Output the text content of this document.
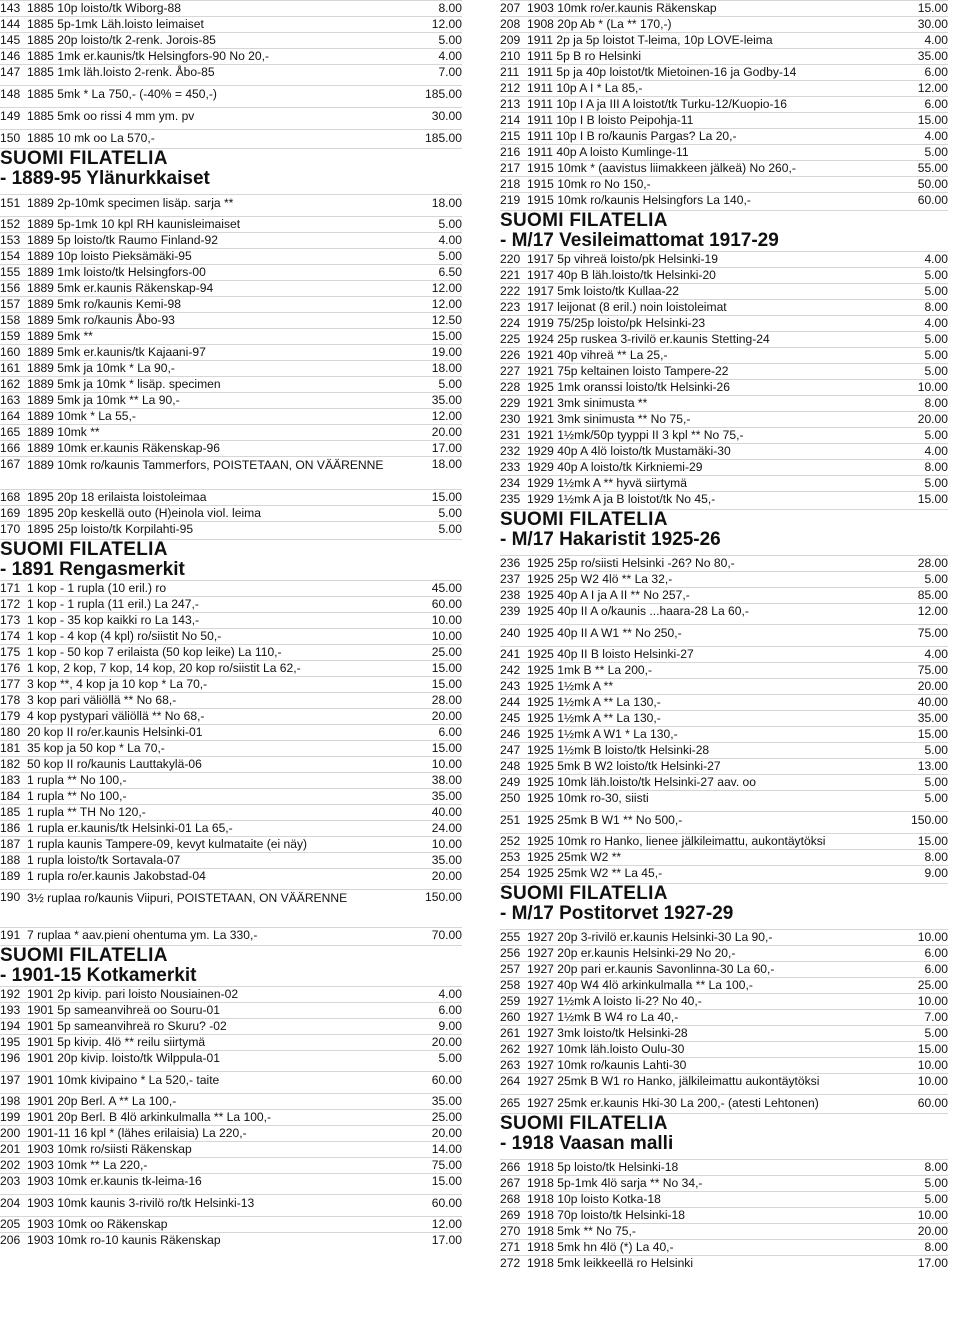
143 1885 10p loisto/tk Wiborg-88	8.00
144 1885 5p-1mk Läh.loisto leimaiset	12.00
145 1885 20p loisto/tk 2-renk. Jorois-85	5.00
146 1885 1mk er.kaunis/tk Helsingfors-90 No 20,-	4.00
147 1885 1mk läh.loisto 2-renk. Åbo-85	7.00
148 1885 5mk * La 750,- (-40% = 450,-)	185.00
149 1885 5mk oo rissi 4 mm ym. pv	30.00
150 1885 10 mk oo La 570,-	185.00
SUOMI FILATELIA
- 1889-95 Ylänurkkaiset
151 1889 2p-10mk specimen lisäp. sarja **	18.00
152 1889 5p-1mk 10 kpl RH kaunisleimaiset	5.00
153 1889 5p loisto/tk Raumo Finland-92	4.00
154 1889 10p loisto Pieksämäki-95	5.00
155 1889 1mk loisto/tk Helsingfors-00	6.50
156 1889 5mk er.kaunis Räkenskap-94	12.00
157 1889 5mk ro/kaunis Kemi-98	12.00
158 1889 5mk ro/kaunis Åbo-93	12.50
159 1889 5mk **	15.00
160 1889 5mk er.kaunis/tk Kajaani-97	19.00
161 1889 5mk ja 10mk * La 90,-	18.00
162 1889 5mk ja 10mk * lisäp. specimen	5.00
163 1889 5mk ja 10mk ** La 90,-	35.00
164 1889 10mk * La 55,-	12.00
165 1889 10mk **	20.00
166 1889 10mk er.kaunis Räkenskap-96	17.00
167 1889 10mk ro/kaunis Tammerfors, POISTETAAN, ON VÄÄRENNE	18.00
168 1895 20p 18 erilaista loistoleimaa	15.00
169 1895 20p keskellä outo (H)einola viol. leima	5.00
170 1895 25p loisto/tk Korpilahti-95	5.00
SUOMI FILATELIA
- 1891 Rengasmerkit
171 1 kop - 1 rupla (10 eril.) ro	45.00
172 1 kop - 1 rupla (11 eril.) La 247,-	60.00
173 1 kop - 35 kop kaikki ro La 143,-	10.00
174 1 kop - 4 kop (4 kpl) ro/siistit No 50,-	10.00
175 1 kop - 50 kop 7 erilaista (50 kop leike) La 110,-	25.00
176 1 kop, 2 kop, 7 kop, 14 kop, 20 kop ro/siistit La 62,-	15.00
177 3 kop **, 4 kop ja 10 kop * La 70,-	15.00
178 3 kop pari väliöllä ** No 68,-	28.00
179 4 kop pystypari väliöllä ** No 68,-	20.00
180 20 kop II ro/er.kaunis Helsinki-01	6.00
181 35 kop ja 50 kop * La 70,-	15.00
182 50 kop II ro/kaunis Lauttakylä-06	10.00
183 1 rupla ** No 100,-	38.00
184 1 rupla ** No 100,-	35.00
185 1 rupla ** TH No 120,-	40.00
186 1 rupla er.kaunis/tk Helsinki-01 La 65,-	24.00
187 1 rupla kaunis Tampere-09, kevyt kulmataite (ei näy)	10.00
188 1 rupla loisto/tk Sortavala-07	35.00
189 1 rupla ro/er.kaunis Jakobstad-04	20.00
190 3½ ruplaa ro/kaunis Viipuri, POISTETAAN, ON VÄÄRENNE	150.00
191 7 ruplaa * aav.pieni ohentuma ym. La 330,-	70.00
SUOMI FILATELIA
- 1901-15 Kotkamerkit
192 1901 2p kivip. pari loisto Nousiainen-02	4.00
193 1901 5p sameanvihreä oo Souru-01	6.00
194 1901 5p sameanvihreä ro Skuru? -02	9.00
195 1901 5p kivip. 4lö ** reilu siirtymä	20.00
196 1901 20p kivip. loisto/tk Wilppula-01	5.00
197 1901 10mk kivipaino * La 520,- taite	60.00
198 1901 20p Berl. A ** La 100,-	35.00
199 1901 20p Berl. B 4lö arkinkulmalla ** La 100,-	25.00
200 1901-11 16 kpl * (lähes erilaisia) La 220,-	20.00
201 1903 10mk ro/siisti Räkenskap	14.00
202 1903 10mk ** La 220,-	75.00
203 1903 10mk er.kaunis tk-leima-16	15.00
204 1903 10mk kaunis 3-rivilö ro/tk Helsinki-13	60.00
205 1903 10mk oo Räkenskap	12.00
206 1903 10mk ro-10 kaunis Räkenskap	17.00
207 1903 10mk ro/er.kaunis Räkenskap	15.00
208 1908 20p Ab * (La ** 170,-)	30.00
209 1911 2p ja 5p loistot T-leima, 10p LOVE-leima	4.00
210 1911 5p B ro Helsinki	35.00
211 1911 5p ja 40p loistot/tk Mietoinen-16 ja Godby-14	6.00
212 1911 10p A I * La 85,-	12.00
213 1911 10p I A ja III A loistot/tk Turku-12/Kuopio-16	6.00
214 1911 10p I B loisto Peipohja-11	15.00
215 1911 10p I B ro/kaunis Pargas? La 20,-	4.00
216 1911 40p A loisto Kumlinge-11	5.00
217 1915 10mk * (aavistus liimakkeen jälkeä) No 260,-	55.00
218 1915 10mk ro No 150,-	50.00
219 1915 10mk ro/kaunis Helsingfors La 140,-	60.00
SUOMI FILATELIA
- M/17 Vesileimattomat 1917-29
220 1917 5p vihreä loisto/pk Helsinki-19	4.00
221 1917 40p B läh.loisto/tk Helsinki-20	5.00
222 1917 5mk loisto/tk Kullaa-22	5.00
223 1917 leijonat (8 eril.) noin loistoleimat	8.00
224 1919 75/25p loisto/pk Helsinki-23	4.00
225 1924 25p ruskea 3-rivilö er.kaunis Stetting-24	5.00
226 1921 40p vihreä ** La 25,-	5.00
227 1921 75p keltainen loisto Tampere-22	5.00
228 1925 1mk oranssi loisto/tk Helsinki-26	10.00
229 1921 3mk sinimusta **	8.00
230 1921 3mk sinimusta ** No 75,-	20.00
231 1921 1½mk/50p tyyppi II 3 kpl ** No 75,-	5.00
232 1929 40p A 4lö loisto/tk Mustamäki-30	4.00
233 1929 40p A loisto/tk Kirkniemi-29	8.00
234 1929 1½mk A ** hyvä siirtymä	5.00
235 1929 1½mk A ja B loistot/tk No 45,-	15.00
SUOMI FILATELIA
- M/17 Hakaristit 1925-26
236 1925 25p ro/siisti Helsinki -26? No 80,-	28.00
237 1925 25p W2 4lö ** La 32,-	5.00
238 1925 40p A I ja A II ** No 257,-	85.00
239 1925 40p II A o/kaunis ...haara-28 La 60,-	12.00
240 1925 40p II A W1 ** No 250,-	75.00
241 1925 40p II B loisto Helsinki-27	4.00
242 1925 1mk B ** La 200,-	75.00
243 1925 1½mk A **	20.00
244 1925 1½mk A ** La 130,-	40.00
245 1925 1½mk A ** La 130,-	35.00
246 1925 1½mk A W1 * La 130,-	15.00
247 1925 1½mk B loisto/tk Helsinki-28	5.00
248 1925 5mk B W2 loisto/tk Helsinki-27	13.00
249 1925 10mk läh.loisto/tk Helsinki-27 aav. oo	5.00
250 1925 10mk ro-30, siisti	5.00
251 1925 25mk B W1 ** No 500,-	150.00
252 1925 10mk ro Hanko, lienee jälkileimattu, aukontäytöksi	15.00
253 1925 25mk W2 **	8.00
254 1925 25mk W2 ** La 45,-	9.00
SUOMI FILATELIA
- M/17 Postitorvet 1927-29
255 1927 20p 3-rivilö er.kaunis Helsinki-30 La 90,-	10.00
256 1927 20p er.kaunis Helsinki-29 No 20,-	6.00
257 1927 20p pari er.kaunis Savonlinna-30 La 60,-	6.00
258 1927 40p W4 4lö arkinkulmalla ** La 100,-	25.00
259 1927 1½mk A loisto Ii-2? No 40,-	10.00
260 1927 1½mk B W4 ro La 40,-	7.00
261 1927 3mk loisto/tk Helsinki-28	5.00
262 1927 10mk läh.loisto Oulu-30	15.00
263 1927 10mk ro/kaunis Lahti-30	10.00
264 1927 25mk B W1 ro Hanko, jälkileimattu aukontäytöksi	10.00
265 1927 25mk er.kaunis Hki-30 La 200,- (atesti Lehtonen)	60.00
SUOMI FILATELIA
- 1918 Vaasan malli
266 1918 5p loisto/tk Helsinki-18	8.00
267 1918 5p-1mk 4lö sarja ** No 34,-	5.00
268 1918 10p loisto Kotka-18	5.00
269 1918 70p loisto/tk Helsinki-18	10.00
270 1918 5mk ** No 75,-	20.00
271 1918 5mk hn 4lö (*) La 40,-	8.00
272 1918 5mk leikkeellä ro Helsinki	17.00
